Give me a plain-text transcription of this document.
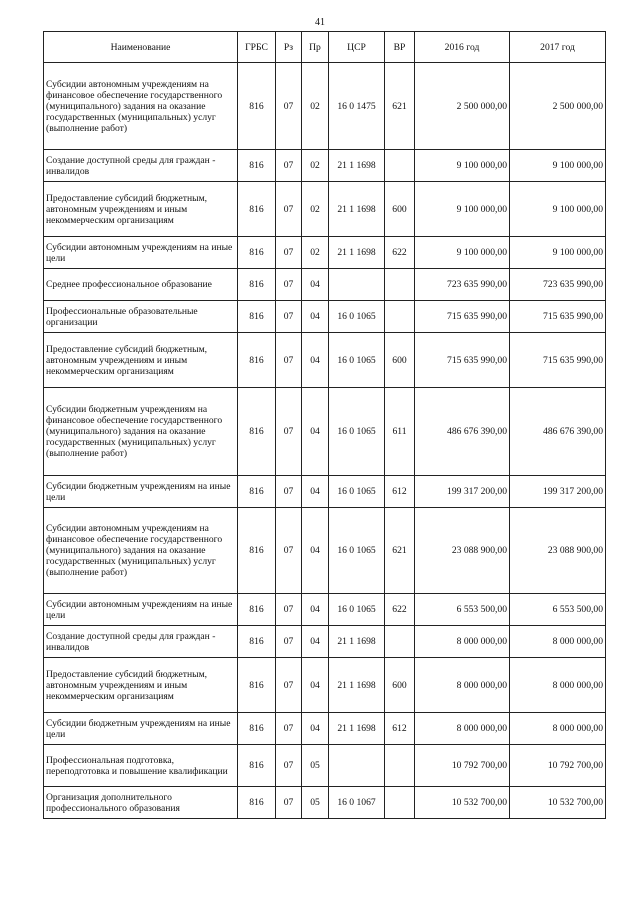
41
Наименование	ГРБС	Рз	Пр	ЦСР	ВР	2016 год	2017 год
Субсидии автономным учреждениям на финансовое обеспечение государственного (муниципального) задания на оказание государственных (муниципальных) услуг (выполнение работ)	816	07	02	16 0 1475	621	2 500 000,00	2 500 000,00
Создание доступной среды для граждан - инвалидов	816	07	02	21 1 1698		9 100 000,00	9 100 000,00
Предоставление субсидий бюджетным, автономным учреждениям и иным некоммерческим организациям	816	07	02	21 1 1698	600	9 100 000,00	9 100 000,00
Субсидии автономным учреждениям на иные цели	816	07	02	21 1 1698	622	9 100 000,00	9 100 000,00
Среднее профессиональное образование	816	07	04			723 635 990,00	723 635 990,00
Профессиональные образовательные организации	816	07	04	16 0 1065		715 635 990,00	715 635 990,00
Предоставление субсидий бюджетным, автономным учреждениям и иным некоммерческим организациям	816	07	04	16 0 1065	600	715 635 990,00	715 635 990,00
Субсидии бюджетным учреждениям на финансовое обеспечение государственного (муниципального) задания на оказание государственных (муниципальных) услуг (выполнение работ)	816	07	04	16 0 1065	611	486 676 390,00	486 676 390,00
Субсидии бюджетным учреждениям на иные цели	816	07	04	16 0 1065	612	199 317 200,00	199 317 200,00
Субсидии автономным учреждениям на финансовое обеспечение государственного (муниципального) задания на оказание государственных (муниципальных) услуг (выполнение работ)	816	07	04	16 0 1065	621	23 088 900,00	23 088 900,00
Субсидии автономным учреждениям на иные цели	816	07	04	16 0 1065	622	6 553 500,00	6 553 500,00
Создание доступной среды для граждан - инвалидов	816	07	04	21 1 1698		8 000 000,00	8 000 000,00
Предоставление субсидий бюджетным, автономным учреждениям и иным некоммерческим организациям	816	07	04	21 1 1698	600	8 000 000,00	8 000 000,00
Субсидии бюджетным учреждениям на иные цели	816	07	04	21 1 1698	612	8 000 000,00	8 000 000,00
Профессиональная подготовка, переподготовка и повышение квалификации	816	07	05			10 792 700,00	10 792 700,00
Организация дополнительного профессионального образования	816	07	05	16 0 1067		10 532 700,00	10 532 700,00
